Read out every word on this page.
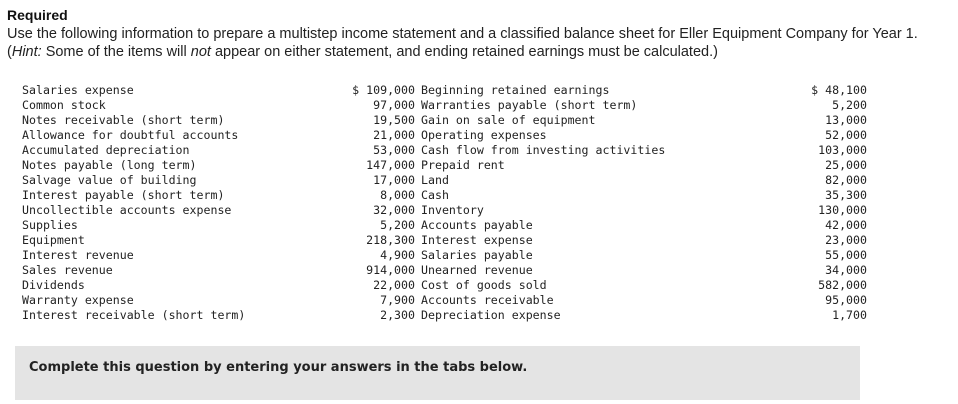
Required

Use the following information to prepare a multistep income statement and a classified balance sheet for Eller Equipment Company for Year 1. (Hint: Some of the items will not appear on either statement, and ending retained earnings must be calculated.)

Salaries expense	$ 109,000 Beginning retained earnings	$ 48,100
Common stock	97,000 Warranties payable (short term)	5,200
Notes receivable (short term)	19,500 Gain on sale of equipment	13,000
Allowance for doubtful accounts	21,000 Operating expenses	52,000
Accumulated depreciation	53,000 Cash flow from investing activities	103,000
Notes payable (long term)	147,000 Prepaid rent	25,000
Salvage value of building	17,000 Land	82,000
Interest payable (short term)	8,000 Cash	35,300
Uncollectible accounts expense	32,000 Inventory	130,000
Supplies	5,200 Accounts payable	42,000
Equipment	218,300 Interest expense	23,000
Interest revenue	4,900 Salaries payable	55,000
Sales revenue	914,000 Unearned revenue	34,000
Dividends	22,000 Cost of goods sold	582,000
Warranty expense	7,900 Accounts receivable	95,000
Interest receivable (short term)	2,300 Depreciation expense	1,700
Complete this question by entering your answers in the tabs below.
